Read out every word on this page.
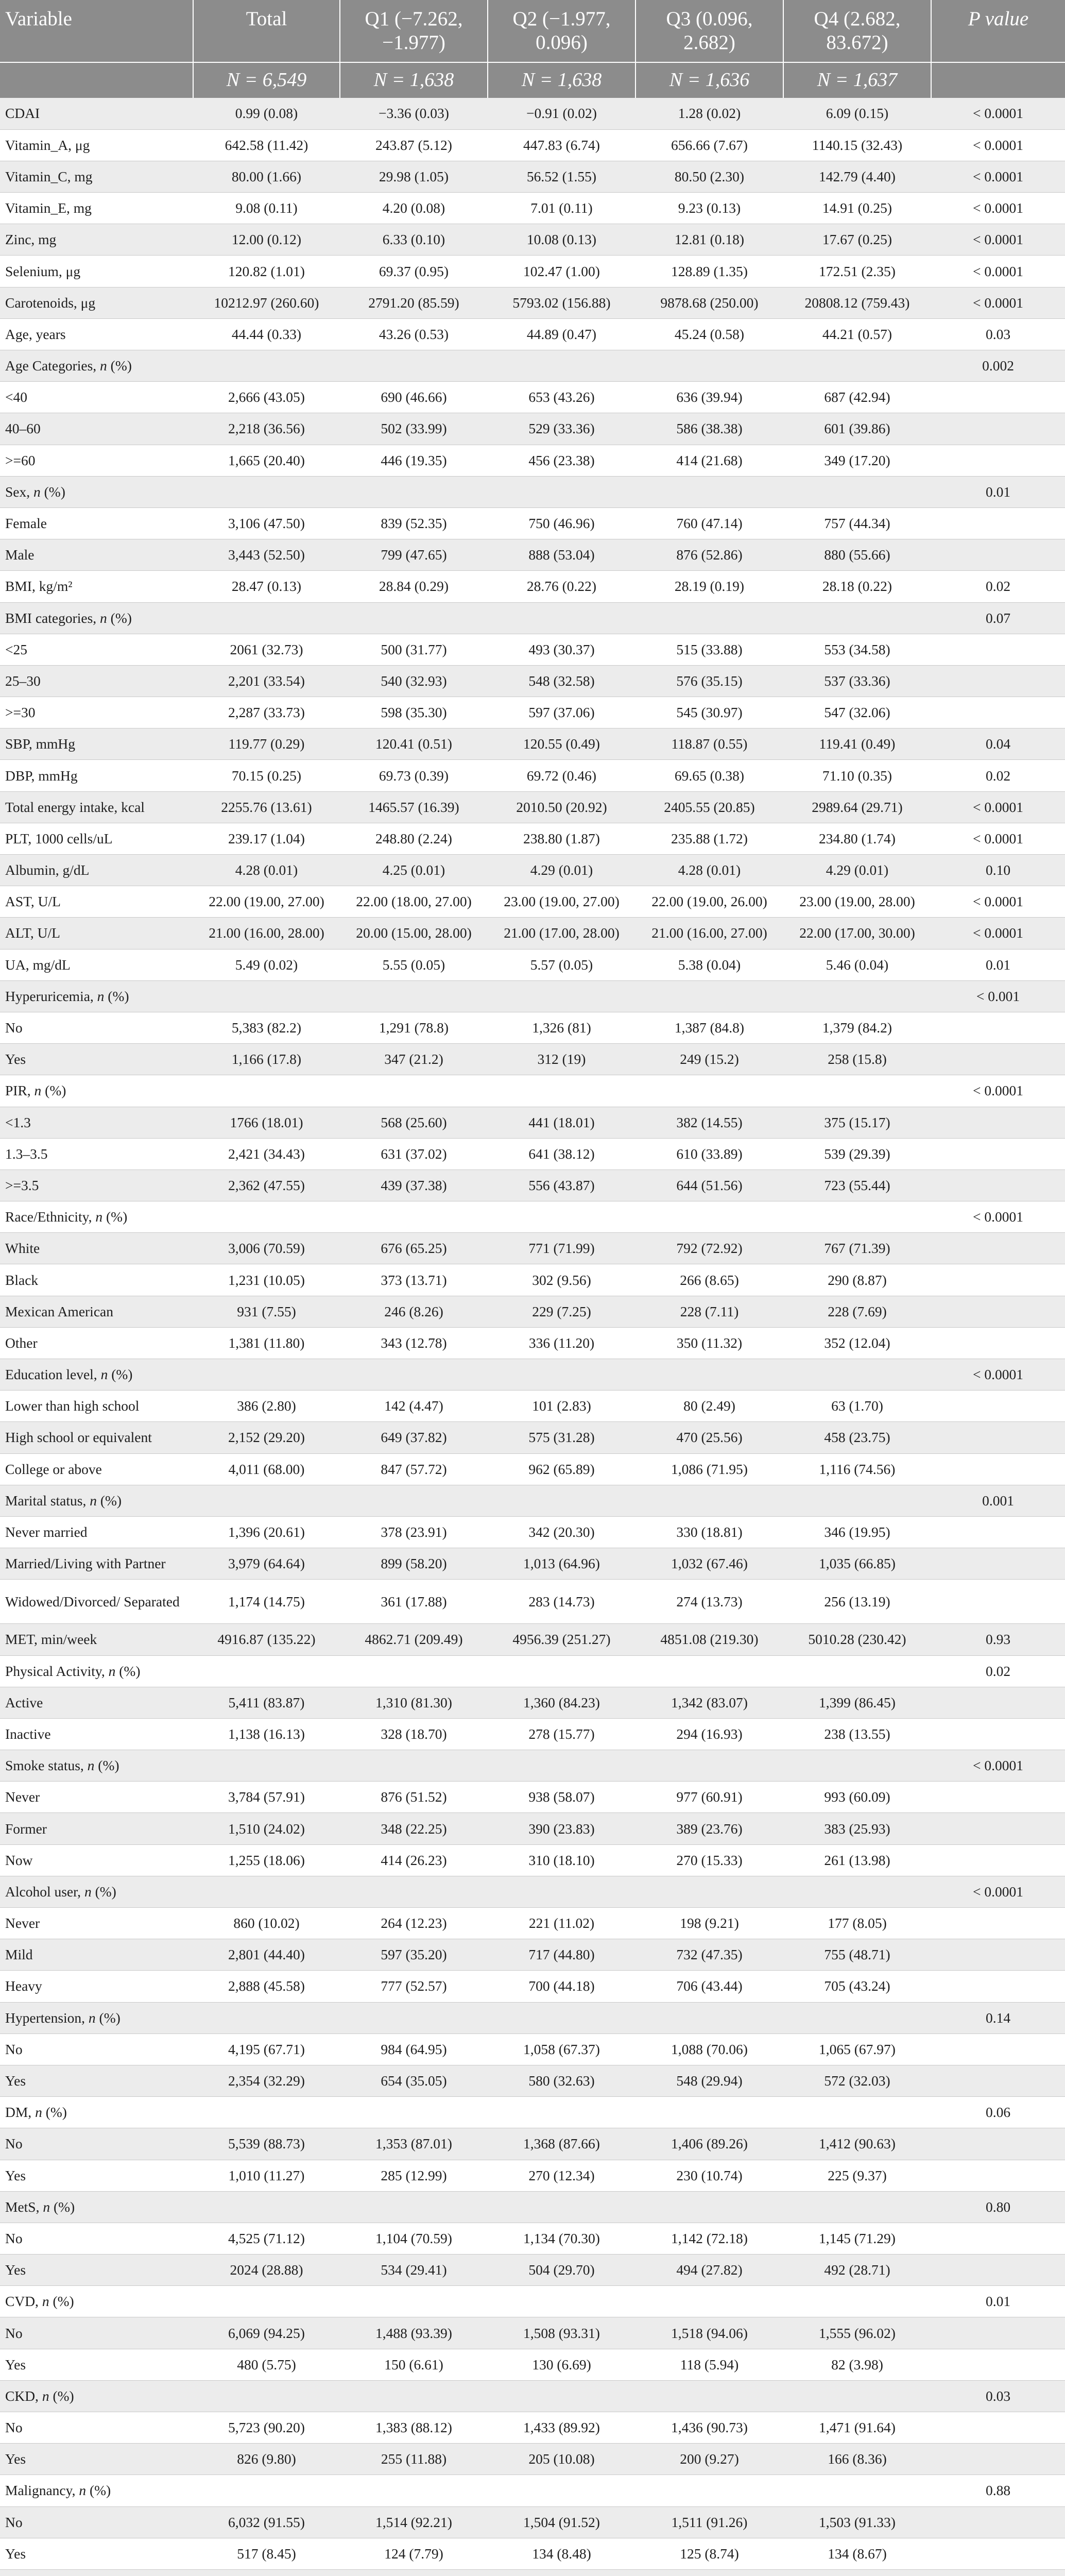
Variable	Total	Q1 (−7.262, −1.977)	Q2 (−1.977, 0.096)	Q3 (0.096, 2.682)	Q4 (2.682, 83.672)	P value
	N = 6,549	N = 1,638	N = 1,638	N = 1,636	N = 1,637	
CDAI	0.99 (0.08)	−3.36 (0.03)	−0.91 (0.02)	1.28 (0.02)	6.09 (0.15)	< 0.0001
Vitamin_A, μg	642.58 (11.42)	243.87 (5.12)	447.83 (6.74)	656.66 (7.67)	1140.15 (32.43)	< 0.0001
Vitamin_C, mg	80.00 (1.66)	29.98 (1.05)	56.52 (1.55)	80.50 (2.30)	142.79 (4.40)	< 0.0001
Vitamin_E, mg	9.08 (0.11)	4.20 (0.08)	7.01 (0.11)	9.23 (0.13)	14.91 (0.25)	< 0.0001
Zinc, mg	12.00 (0.12)	6.33 (0.10)	10.08 (0.13)	12.81 (0.18)	17.67 (0.25)	< 0.0001
Selenium, μg	120.82 (1.01)	69.37 (0.95)	102.47 (1.00)	128.89 (1.35)	172.51 (2.35)	< 0.0001
Carotenoids, μg	10212.97 (260.60)	2791.20 (85.59)	5793.02 (156.88)	9878.68 (250.00)	20808.12 (759.43)	< 0.0001
Age, years	44.44 (0.33)	43.26 (0.53)	44.89 (0.47)	45.24 (0.58)	44.21 (0.57)	0.03
Age Categories, n (%)						0.002
<40	2,666 (43.05)	690 (46.66)	653 (43.26)	636 (39.94)	687 (42.94)	
40–60	2,218 (36.56)	502 (33.99)	529 (33.36)	586 (38.38)	601 (39.86)	
>=60	1,665 (20.40)	446 (19.35)	456 (23.38)	414 (21.68)	349 (17.20)	
Sex, n (%)						0.01
Female	3,106 (47.50)	839 (52.35)	750 (46.96)	760 (47.14)	757 (44.34)	
Male	3,443 (52.50)	799 (47.65)	888 (53.04)	876 (52.86)	880 (55.66)	
BMI, kg/m²	28.47 (0.13)	28.84 (0.29)	28.76 (0.22)	28.19 (0.19)	28.18 (0.22)	0.02
BMI categories, n (%)						0.07
<25	2061 (32.73)	500 (31.77)	493 (30.37)	515 (33.88)	553 (34.58)	
25–30	2,201 (33.54)	540 (32.93)	548 (32.58)	576 (35.15)	537 (33.36)	
>=30	2,287 (33.73)	598 (35.30)	597 (37.06)	545 (30.97)	547 (32.06)	
SBP, mmHg	119.77 (0.29)	120.41 (0.51)	120.55 (0.49)	118.87 (0.55)	119.41 (0.49)	0.04
DBP, mmHg	70.15 (0.25)	69.73 (0.39)	69.72 (0.46)	69.65 (0.38)	71.10 (0.35)	0.02
Total energy intake, kcal	2255.76 (13.61)	1465.57 (16.39)	2010.50 (20.92)	2405.55 (20.85)	2989.64 (29.71)	< 0.0001
PLT, 1000 cells/uL	239.17 (1.04)	248.80 (2.24)	238.80 (1.87)	235.88 (1.72)	234.80 (1.74)	< 0.0001
Albumin, g/dL	4.28 (0.01)	4.25 (0.01)	4.29 (0.01)	4.28 (0.01)	4.29 (0.01)	0.10
AST, U/L	22.00 (19.00, 27.00)	22.00 (18.00, 27.00)	23.00 (19.00, 27.00)	22.00 (19.00, 26.00)	23.00 (19.00, 28.00)	< 0.0001
ALT, U/L	21.00 (16.00, 28.00)	20.00 (15.00, 28.00)	21.00 (17.00, 28.00)	21.00 (16.00, 27.00)	22.00 (17.00, 30.00)	< 0.0001
UA, mg/dL	5.49 (0.02)	5.55 (0.05)	5.57 (0.05)	5.38 (0.04)	5.46 (0.04)	0.01
Hyperuricemia, n (%)						< 0.001
No	5,383 (82.2)	1,291 (78.8)	1,326 (81)	1,387 (84.8)	1,379 (84.2)	
Yes	1,166 (17.8)	347 (21.2)	312 (19)	249 (15.2)	258 (15.8)	
PIR, n (%)						< 0.0001
<1.3	1766 (18.01)	568 (25.60)	441 (18.01)	382 (14.55)	375 (15.17)	
1.3–3.5	2,421 (34.43)	631 (37.02)	641 (38.12)	610 (33.89)	539 (29.39)	
>=3.5	2,362 (47.55)	439 (37.38)	556 (43.87)	644 (51.56)	723 (55.44)	
Race/Ethnicity, n (%)						< 0.0001
White	3,006 (70.59)	676 (65.25)	771 (71.99)	792 (72.92)	767 (71.39)	
Black	1,231 (10.05)	373 (13.71)	302 (9.56)	266 (8.65)	290 (8.87)	
Mexican American	931 (7.55)	246 (8.26)	229 (7.25)	228 (7.11)	228 (7.69)	
Other	1,381 (11.80)	343 (12.78)	336 (11.20)	350 (11.32)	352 (12.04)	
Education level, n (%)						< 0.0001
Lower than high school	386 (2.80)	142 (4.47)	101 (2.83)	80 (2.49)	63 (1.70)	
High school or equivalent	2,152 (29.20)	649 (37.82)	575 (31.28)	470 (25.56)	458 (23.75)	
College or above	4,011 (68.00)	847 (57.72)	962 (65.89)	1,086 (71.95)	1,116 (74.56)	
Marital status, n (%)						0.001
Never married	1,396 (20.61)	378 (23.91)	342 (20.30)	330 (18.81)	346 (19.95)	
Married/Living with Partner	3,979 (64.64)	899 (58.20)	1,013 (64.96)	1,032 (67.46)	1,035 (66.85)	
Widowed/Divorced/ Separated	1,174 (14.75)	361 (17.88)	283 (14.73)	274 (13.73)	256 (13.19)	
MET, min/week	4916.87 (135.22)	4862.71 (209.49)	4956.39 (251.27)	4851.08 (219.30)	5010.28 (230.42)	0.93
Physical Activity, n (%)						0.02
Active	5,411 (83.87)	1,310 (81.30)	1,360 (84.23)	1,342 (83.07)	1,399 (86.45)	
Inactive	1,138 (16.13)	328 (18.70)	278 (15.77)	294 (16.93)	238 (13.55)	
Smoke status, n (%)						< 0.0001
Never	3,784 (57.91)	876 (51.52)	938 (58.07)	977 (60.91)	993 (60.09)	
Former	1,510 (24.02)	348 (22.25)	390 (23.83)	389 (23.76)	383 (25.93)	
Now	1,255 (18.06)	414 (26.23)	310 (18.10)	270 (15.33)	261 (13.98)	
Alcohol user, n (%)						< 0.0001
Never	860 (10.02)	264 (12.23)	221 (11.02)	198 (9.21)	177 (8.05)	
Mild	2,801 (44.40)	597 (35.20)	717 (44.80)	732 (47.35)	755 (48.71)	
Heavy	2,888 (45.58)	777 (52.57)	700 (44.18)	706 (43.44)	705 (43.24)	
Hypertension, n (%)						0.14
No	4,195 (67.71)	984 (64.95)	1,058 (67.37)	1,088 (70.06)	1,065 (67.97)	
Yes	2,354 (32.29)	654 (35.05)	580 (32.63)	548 (29.94)	572 (32.03)	
DM, n (%)						0.06
No	5,539 (88.73)	1,353 (87.01)	1,368 (87.66)	1,406 (89.26)	1,412 (90.63)	
Yes	1,010 (11.27)	285 (12.99)	270 (12.34)	230 (10.74)	225 (9.37)	
MetS, n (%)						0.80
No	4,525 (71.12)	1,104 (70.59)	1,134 (70.30)	1,142 (72.18)	1,145 (71.29)	
Yes	2024 (28.88)	534 (29.41)	504 (29.70)	494 (27.82)	492 (28.71)	
CVD, n (%)						0.01
No	6,069 (94.25)	1,488 (93.39)	1,508 (93.31)	1,518 (94.06)	1,555 (96.02)	
Yes	480 (5.75)	150 (6.61)	130 (6.69)	118 (5.94)	82 (3.98)	
CKD, n (%)						0.03
No	5,723 (90.20)	1,383 (88.12)	1,433 (89.92)	1,436 (90.73)	1,471 (91.64)	
Yes	826 (9.80)	255 (11.88)	205 (10.08)	200 (9.27)	166 (8.36)	
Malignancy, n (%)						0.88
No	6,032 (91.55)	1,514 (92.21)	1,504 (91.52)	1,511 (91.26)	1,503 (91.33)	
Yes	517 (8.45)	124 (7.79)	134 (8.48)	125 (8.74)	134 (8.67)	
